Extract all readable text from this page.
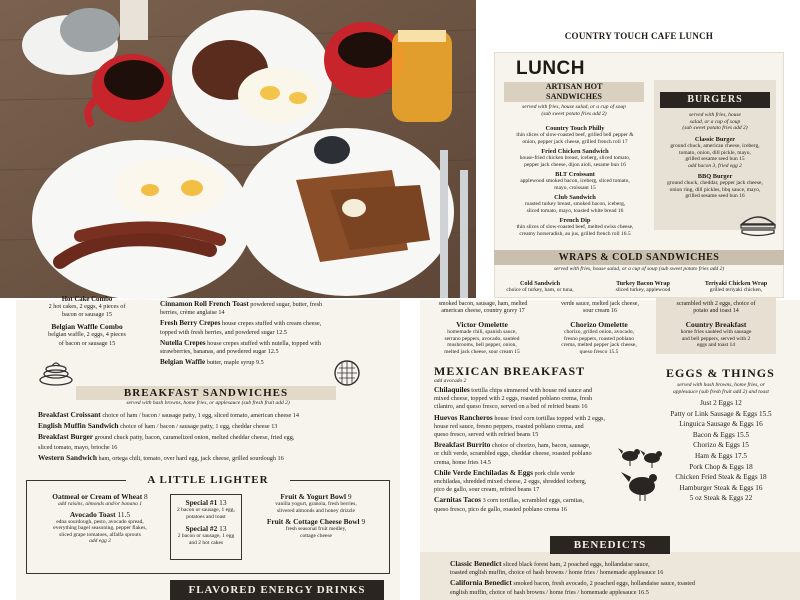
COUNTRY TOUCH CAFE LUNCH
LUNCH
ARTISAN HOT
SANDWICHES
served with fries, house salad, or a cup of soup
(sub sweet potato fries add 2)
Country Touch Philly
thin slices of slow-roasted beef, grilled bell pepper &
onion, pepper jack cheese, grilled french roll 17
Fried Chicken Sandwich
house-fried chicken breast, iceberg, sliced tomato,
pepper jack cheese, dijon aioli, sesame bun 16
BLT Croissant
applewood smoked bacon, iceberg, sliced tomato,
mayo, croissant 15
Club Sandwich
roasted turkey breast, smoked bacon, iceberg,
sliced tomato, mayo, toasted white bread 16
French Dip
thin slices of slow-roasted beef, melted swiss cheese,
creamy horseradish, au jus, grilled french roll 16.5
BURGERS
served with fries, house
salad, or a cup of soup
(sub sweet potato fries add 2)
Classic Burger
ground chuck, american cheese, iceberg,
tomato, onion, dill pickle, mayo,
grilled sesame seed bun 15
add bacon 3, fried egg 2
BBQ Burger
ground chuck, cheddar, pepper jack cheese,
onion ring, dill pickles, bbq sauce, mayo,
grilled sesame seed bun 16
WRAPS & COLD SANDWICHES
served with fries, house salad, or a cup of soup (sub sweet potato fries add 2)
Cold Sandwich
choice of turkey, ham, or tuna,
Turkey Bacon Wrap
sliced turkey, applewood
Teriyaki Chicken Wrap
grilled teriyaki chicken,
Hot Cake Combo
2 hot cakes, 2 eggs, 4 pieces of
bacon or sausage 15
Belgian Waffle Combo
belgian waffle, 2 eggs, 4 pieces
of bacon or sausage 15
Cinnamon Roll French Toast powdered sugar, butter, fresh
berries, crème anglaise 14
Fresh Berry Crepes house crepes stuffed with cream cheese,
topped with fresh berries, and powdered sugar 12.5
Nutella Crepes house crepes stuffed with nutella, topped with
strawberries, bananas, and powdered sugar 12.5
Belgian Waffle butter, maple syrup 9.5
BREAKFAST SANDWICHES
served with hash browns, home fries, or applesauce (sub fresh fruit add 2)
Breakfast Croissant choice of ham / bacon / sausage patty, 1 egg, sliced tomato, american cheese 14
English Muffin Sandwich choice of ham / bacon / sausage patty, 1 egg, cheddar cheese 13
Breakfast Burger ground chuck patty, bacon, caramelized onion, melted cheddar cheese, fried egg,
sliced tomato, mayo, brioche 16
Western Sandwich ham, ortega chili, tomato, over hard egg, jack cheese, grilled sourdough 16
A LITTLE LIGHTER
Oatmeal or Cream of Wheat 8
add raisins, almonds and/or banana 1
Avocado Toast 11.5
edna sourdough, pesto, avocado spread,
everything bagel seasoning, pepper flakes,
sliced grape tomatoes, alfalfa sprouts
add egg 2
Special #1 13
2 bacon or sausage, 1 egg,
potatoes and toast
Special #2 13
2 bacon or sausage, 1 egg
and 2 hot cakes
Fruit & Yogurt Bowl 9
vanilla yogurt, granola, fresh berries,
slivered almonds and honey drizzle
Fruit & Cottage Cheese Bowl 9
fresh seasonal fruit medley,
cottage cheese
FLAVORED ENERGY DRINKS
smoked bacon, sausage, ham, melted
american cheese, country gravy 17
verde sauce, melted jack cheese,
sour cream 16
scrambled with 2 eggs, choice of
potato and toast 14
Victor Omelette
homemade chili, spanish sauce,
serrano peppers, avocado, sautéed
mushrooms, bell pepper, onion,
melted jack cheese, sour cream 15
Chorizo Omelette
chorizo, grilled onion, avocado,
fresno peppers, roasted poblano
crema, melted pepper jack cheese,
queso fresco 15.5
Country Breakfast
home fries sautéed with sausage
and bell peppers, served with 2
eggs and toast 14
MEXICAN BREAKFAST
add avocado 2
Chilaquiles tortilla chips simmered with house red sauce and
mixed cheese, topped with 2 eggs, roasted poblano crema, fresh
cilantro, and queso fresco, served on a bed of refried beans 16
Huevos Rancheros house fried corn tortillas topped with 2 eggs,
house red sauce, fresno peppers, roasted poblano crema, and
queso fresco, served with refried beans 15
Breakfast Burrito choice of chorizo, ham, bacon, sausage,
or chili verde, scrambled eggs, cheddar cheese, roasted poblano
crema, home fries 14.5
Chile Verde Enchiladas & Eggs pork chile verde
enchiladas, shredded mixed cheese, 2 eggs, shredded iceberg,
pico de gallo, sour cream, refried beans 17
Carnitas Tacos 3 corn tortillas, scrambled eggs, carnitas,
queso fresco, pico de gallo, roasted poblano crema 16
EGGS & THINGS
served with hash browns, home fries, or
applesauce (sub fresh fruit add 2) and toast
Just 2 Eggs 12
Patty or Link Sausage & Eggs 15.5
Linguica Sausage & Eggs 16
Bacon & Eggs 15.5
Chorizo & Eggs 15
Ham & Eggs 17.5
Pork Chop & Eggs 18
Chicken Fried Steak & Eggs 18
Hamburger Steak & Eggs 16
5 oz Steak & Eggs 22
BENEDICTS
Classic Benedict sliced black forest ham, 2 poached eggs, hollandaise sauce,
toasted english muffin, choice of hash browns / home fries / homemade applesauce 16
California Benedict smoked bacon, fresh avocado, 2 poached eggs, hollandaise sauce, toasted
english muffin, choice of hash browns / home fries / homemade applesauce 16.5
